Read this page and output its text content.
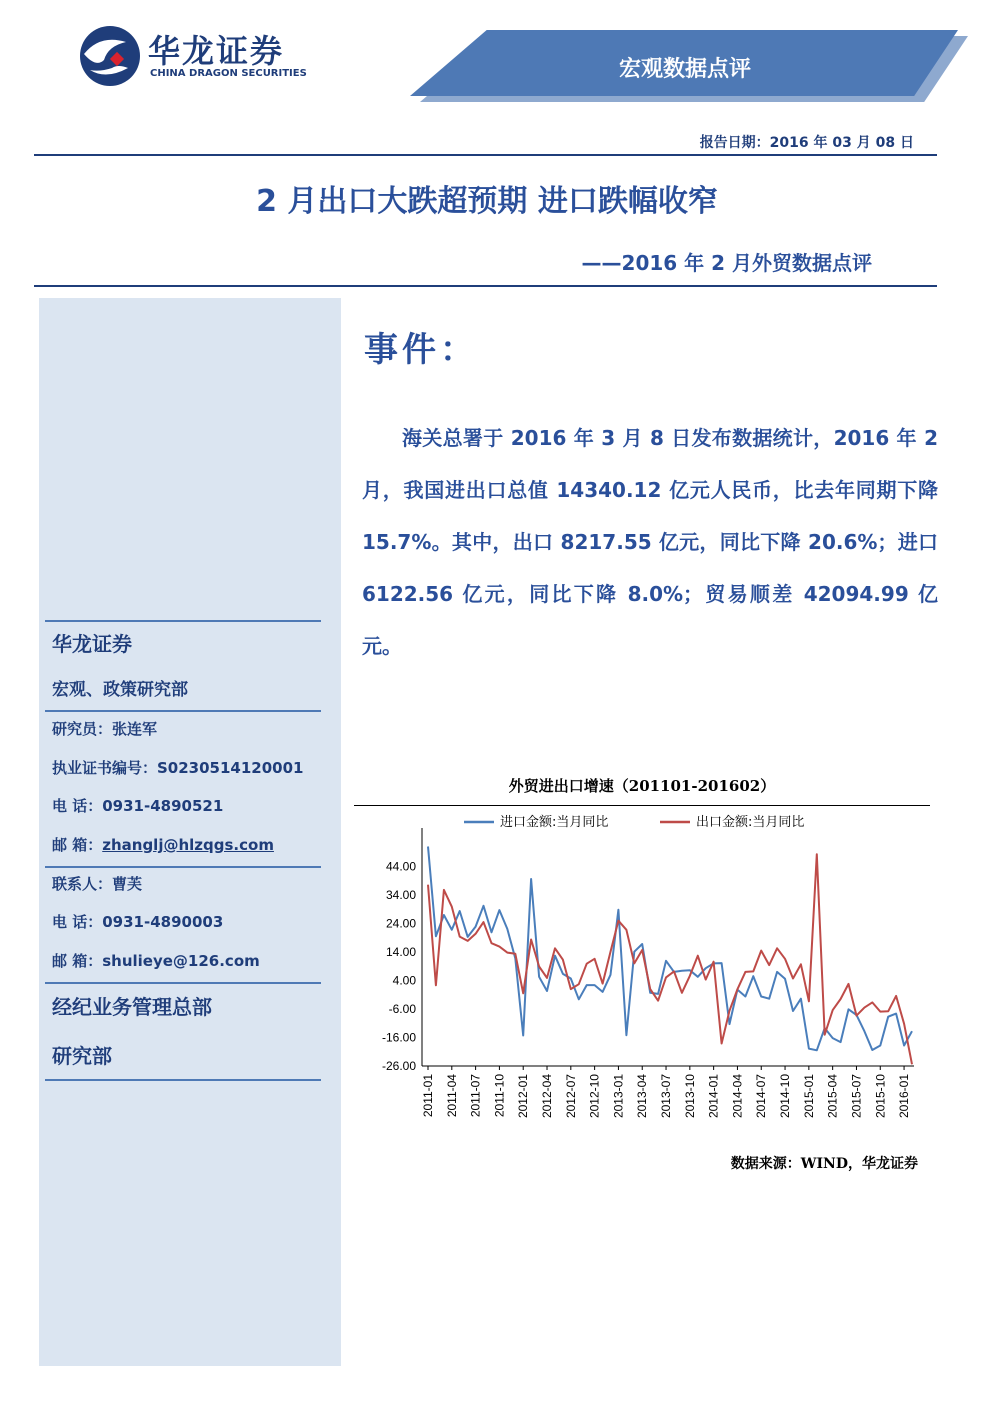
华龙证券
CHINA DRAGON SECURITIES	宏观数据点评
报告日期：2016 年 03 月 08 日
2 月出口大跌超预期 进口跌幅收窄
——2016 年 2 月外贸数据点评
华龙证券
宏观、政策研究部
研究员：张连军
执业证书编号：S0230514120001
电 话：0931-4890521
邮 箱：zhanglj@hlzqgs.com
联系人：曹芙
电 话：0931-4890003
邮 箱：shulieye@126.com
经纪业务管理总部
研究部
事件：
海关总署于 2016 年 3 月 8 日发布数据统计，2016 年 2 月，我国进出口总值 14340.12 亿元人民币，比去年同期下降 15.7%。其中，出口 8217.55 亿元，同比下降 20.6%；进口 6122.56 亿元，同比下降 8.0%；贸易顺差 42094.99 亿元。
外贸进出口增速（201101-201602）
44.00
34.00
24.00
14.00
4.00
-6.00
-16.00
-26.00
2011-01 2011-04 2011-07 2011-10 2012-01 2012-04 2012-07 2012-10 2013-01 2013-04 2013-07 2013-10 2014-01 2014-04 2014-07 2014-10 2015-01 2015-04 2015-07 2015-10 2016-01
进口金额:当月同比	出口金额:当月同比
数据来源：WIND，华龙证券
